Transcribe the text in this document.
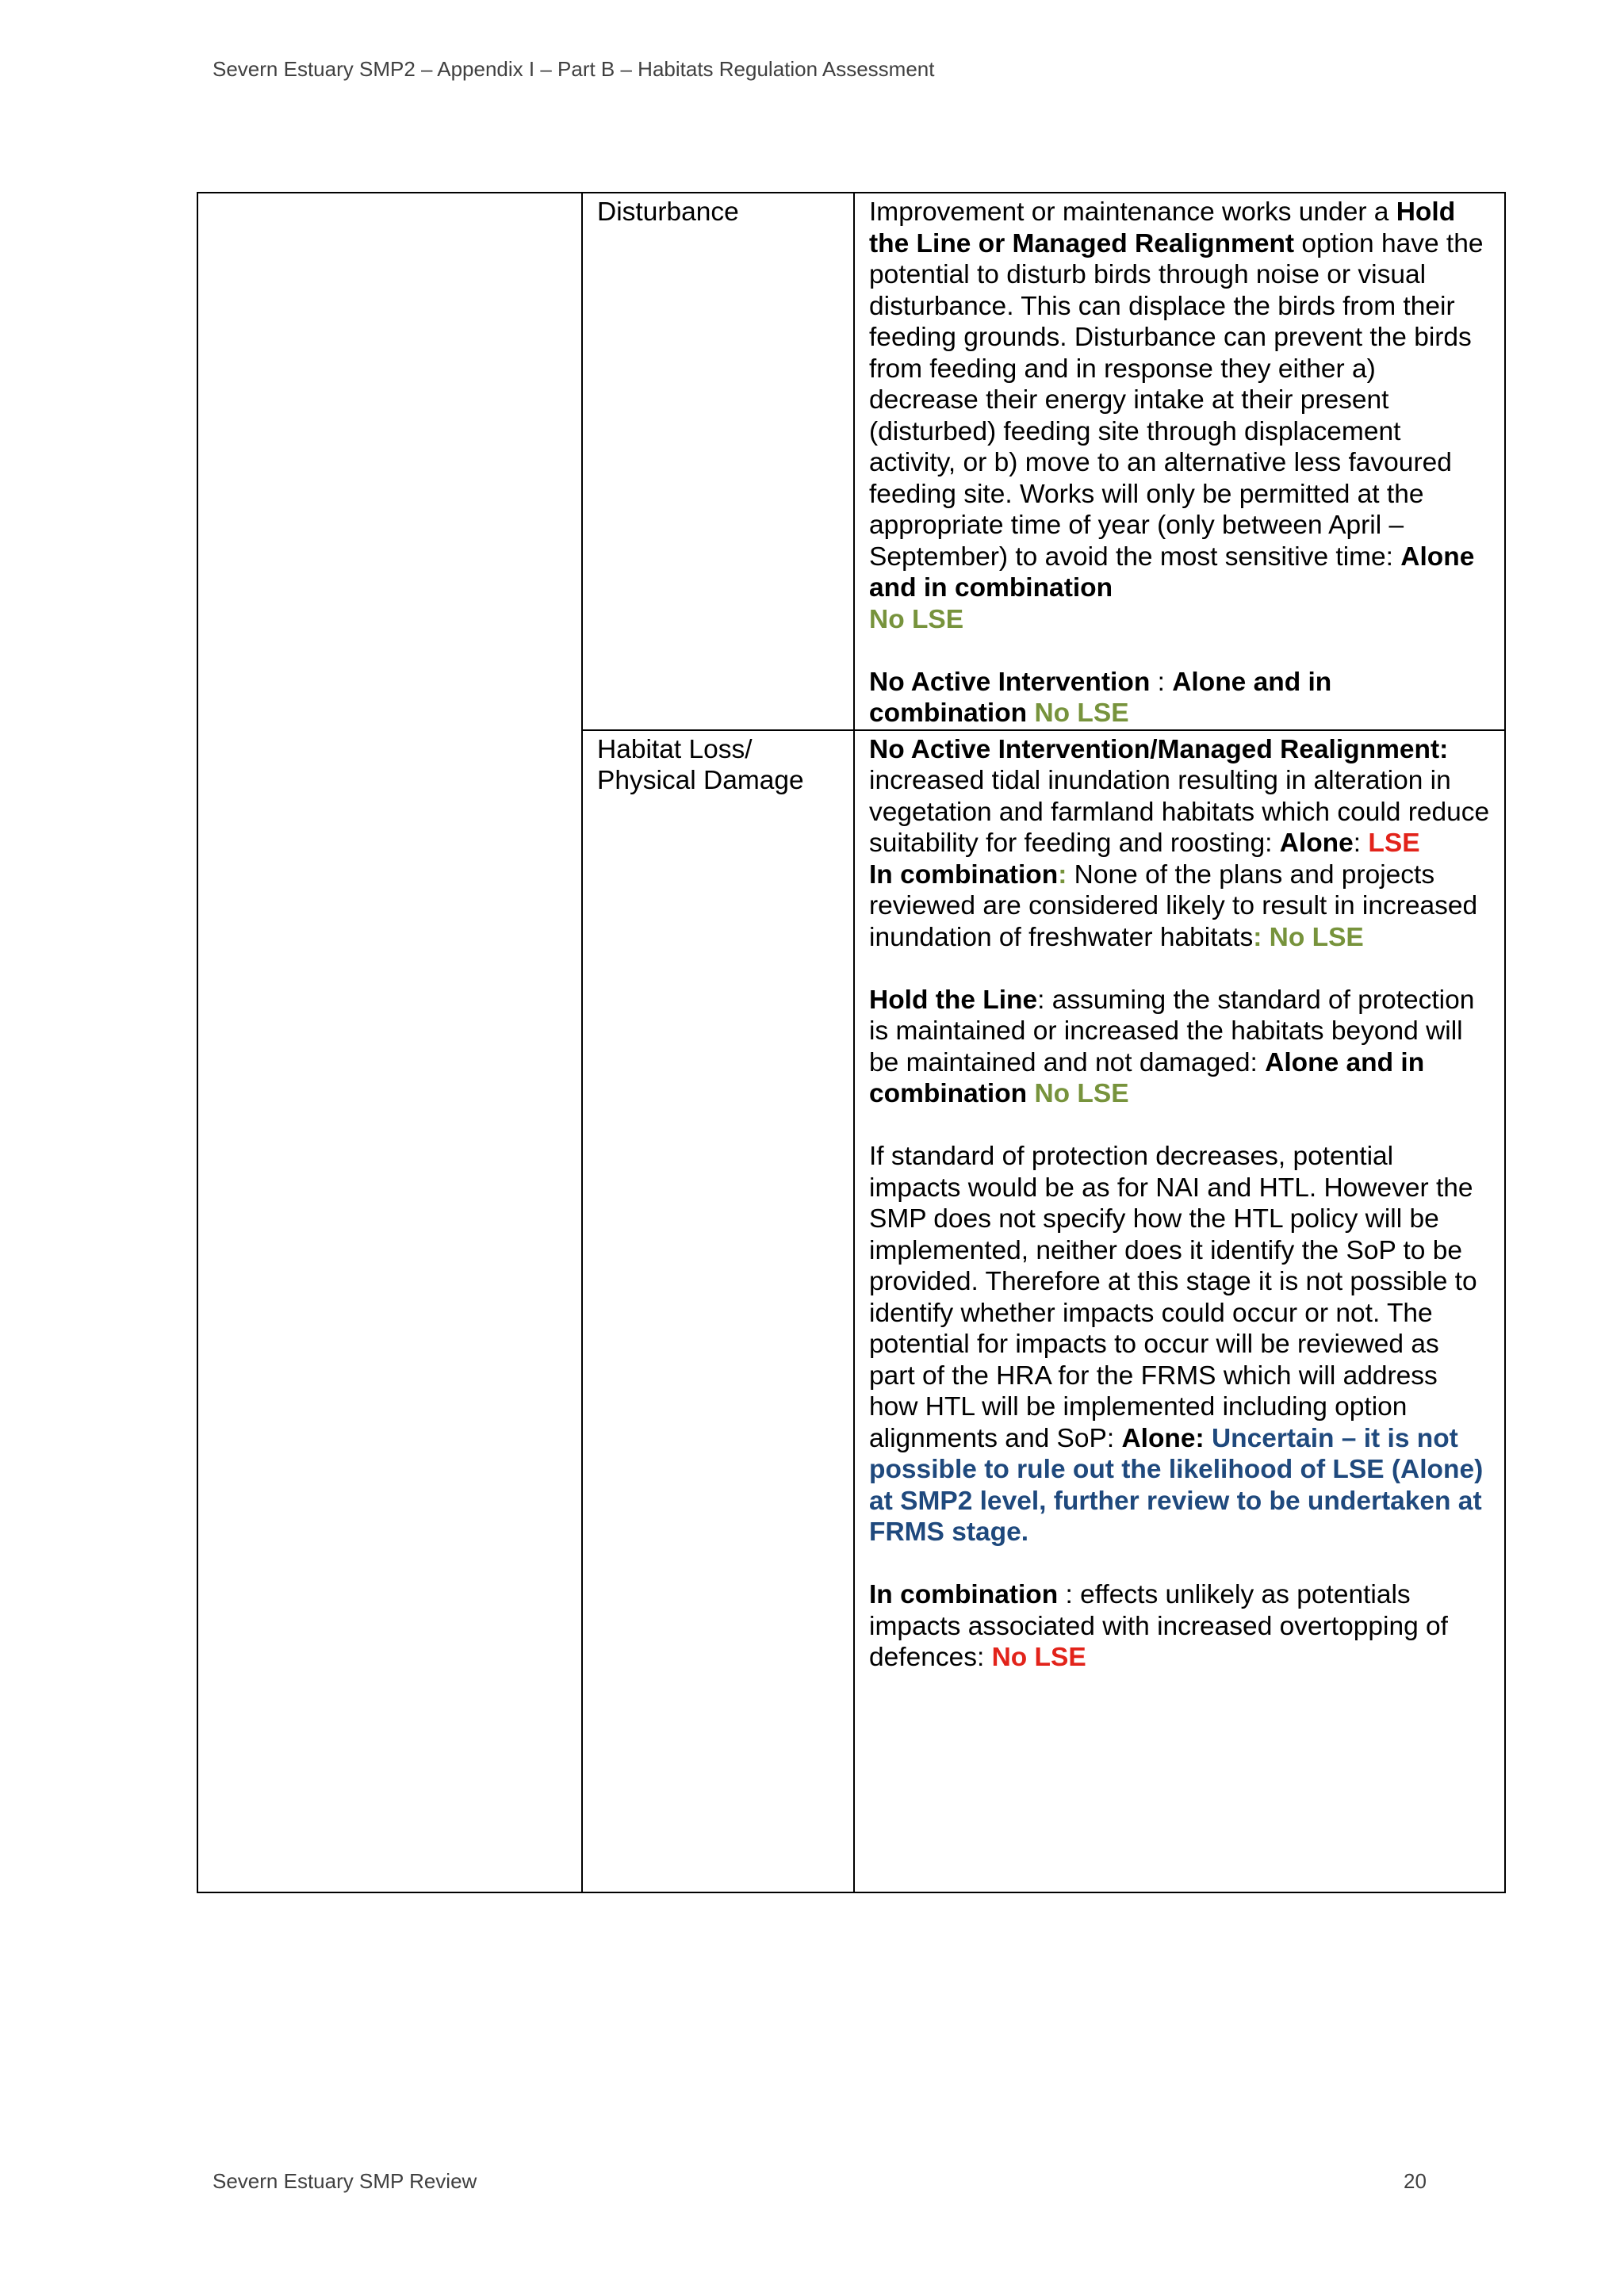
Severn Estuary SMP2 – Appendix I – Part B – Habitats Regulation Assessment
	Disturbance	Improvement or maintenance works under a Hold the Line or Managed Realignment option have the potential to disturb birds through noise or visual disturbance. This can displace the birds from their feeding grounds. Disturbance can prevent the birds from feeding and in response they either a) decrease their energy intake at their present (disturbed) feeding site through displacement activity, or b) move to an alternative less favoured feeding site. Works will only be permitted at the appropriate time of year (only between April – September) to avoid the most sensitive time: Alone and in combination
No LSE
No Active Intervention : Alone and in combination No LSE

	Habitat Loss/ Physical Damage	No Active Intervention/Managed Realignment: increased tidal inundation resulting in alteration in vegetation and farmland habitats which could reduce suitability for feeding and roosting: Alone: LSE
In combination: None of the plans and projects reviewed are considered likely to result in increased inundation of freshwater habitats: No LSE
Hold the Line: assuming the standard of protection is maintained or increased the habitats beyond will be maintained and not damaged: Alone and in combination No LSE
If standard of protection decreases, potential impacts would be as for NAI and HTL. However the SMP does not specify how the HTL policy will be implemented, neither does it identify the SoP to be provided. Therefore at this stage it is not possible to identify whether impacts could occur or not. The potential for impacts to occur will be reviewed as part of the HRA for the FRMS which will address how HTL will be implemented including option alignments and SoP: Alone: Uncertain – it is not possible to rule out the likelihood of LSE (Alone) at SMP2 level, further review to be undertaken at FRMS stage.
In combination : effects unlikely as potentials impacts associated with increased overtopping of defences: No LSE
Severn Estuary SMP Review	20
